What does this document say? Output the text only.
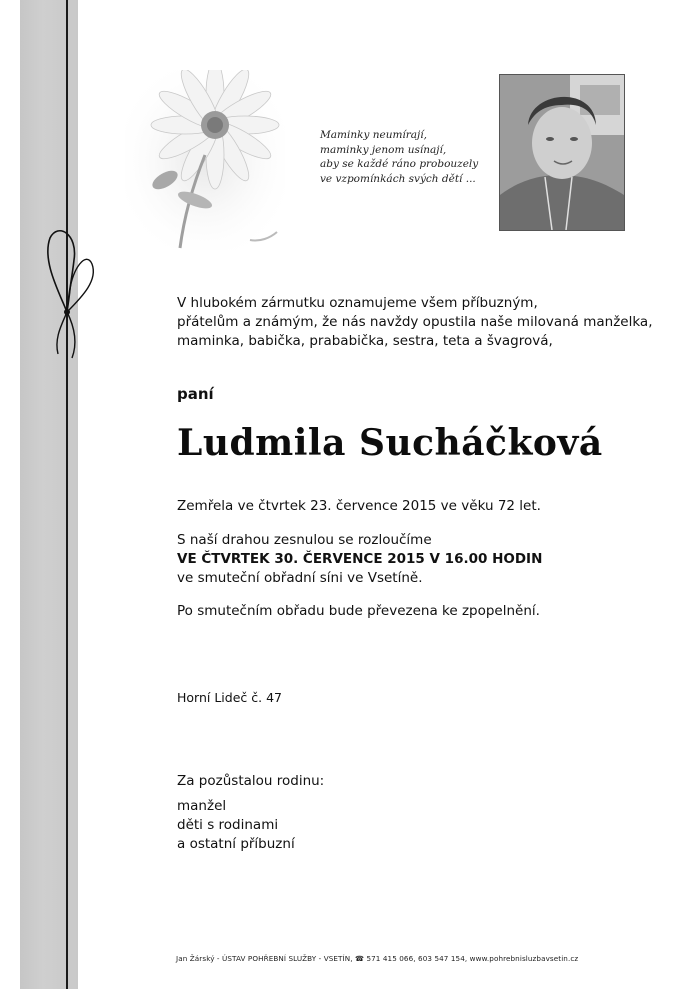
Maminky neumírají,
maminky jenom usínají,
aby se každé ráno probouzely
ve vzpomínkách svých dětí ...
V hlubokém zármutku oznamujeme všem příbuzným,
přátelům a známým, že nás navždy opustila naše milovaná manželka,
maminka, babička, prababička, sestra, teta a švagrová,
paní
Ludmila Sucháčková
Zemřela ve čtvrtek 23. července 2015 ve věku 72 let.
S naší drahou zesnulou se rozloučíme
VE ČTVRTEK 30. ČERVENCE 2015 V 16.00 HODIN
ve smuteční obřadní síni ve Vsetíně.
Po smutečním obřadu bude převezena ke zpopelnění.
Horní Lideč č. 47
Za pozůstalou rodinu:
manžel
děti s rodinami
a ostatní příbuzní
Jan Žárský - ÚSTAV POHŘEBNÍ SLUŽBY - VSETÍN, ☎ 571 415 066, 603 547 154, www.pohrebnisluzbavsetin.cz
